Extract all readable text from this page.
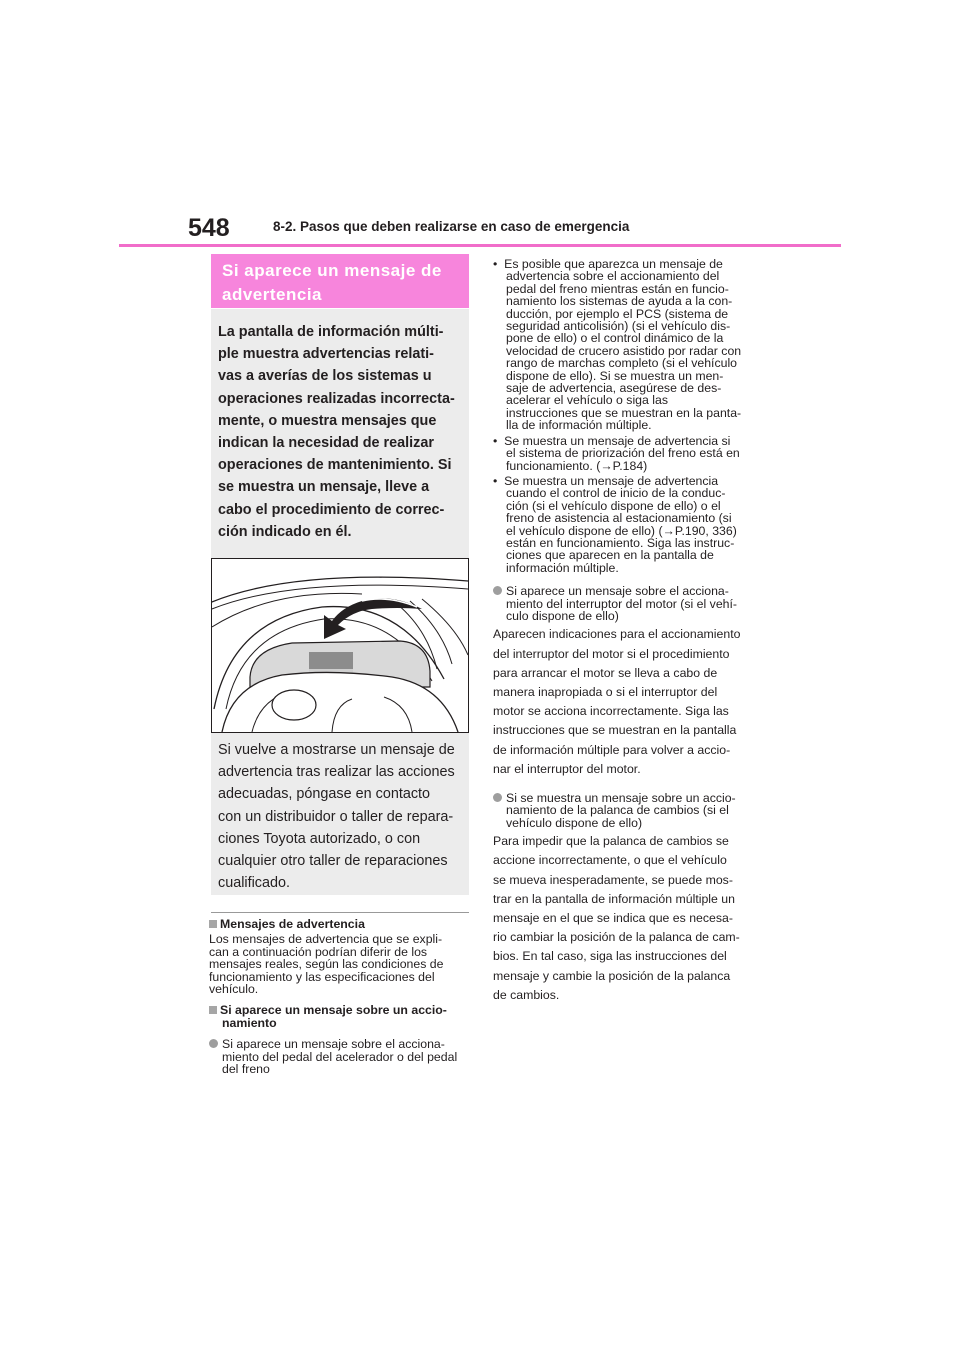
548	8-2. Pasos que deben realizarse en caso de emergencia
Si aparece un mensaje de
advertencia
La pantalla de información múlti-
ple muestra advertencias relati-
vas a averías de los sistemas u
operaciones realizadas incorrecta-
mente, o muestra mensajes que
indican la necesidad de realizar
operaciones de mantenimiento. Si
se muestra un mensaje, lleve a
cabo el procedimiento de correc-
ción indicado en él.
Si vuelve a mostrarse un mensaje de
advertencia tras realizar las acciones
adecuadas, póngase en contacto
con un distribuidor o taller de repara-
ciones Toyota autorizado, o con
cualquier otro taller de reparaciones
cualificado.

Mensajes de advertencia

Los mensajes de advertencia que se expli-
can a continuación podrían diferir de los
mensajes reales, según las condiciones de
funcionamiento y las especificaciones del
vehículo.
Si aparece un mensaje sobre un accio-
namiento
Si aparece un mensaje sobre el acciona-
miento del pedal del acelerador o del pedal
del freno
•  Es posible que aparezca un mensaje de
advertencia sobre el accionamiento del
pedal del freno mientras están en funcio-
namiento los sistemas de ayuda a la con-
ducción, por ejemplo el PCS (sistema de
seguridad anticolisión) (si el vehículo dis-
pone de ello) o el control dinámico de la
velocidad de crucero asistido por radar con
rango de marchas completo (si el vehículo
dispone de ello). Si se muestra un men-
saje de advertencia, asegúrese de des-
acelerar el vehículo o siga las
instrucciones que se muestran en la panta-
lla de información múltiple.
•  Se muestra un mensaje de advertencia si
el sistema de priorización del freno está en
funcionamiento. (→P.184)
•  Se muestra un mensaje de advertencia
cuando el control de inicio de la conduc-
ción (si el vehículo dispone de ello) o el
freno de asistencia al estacionamiento (si
el vehículo dispone de ello) (→P.190, 336)
están en funcionamiento. Siga las instruc-
ciones que aparecen en la pantalla de
información múltiple.
Si aparece un mensaje sobre el acciona-
miento del interruptor del motor (si el vehí-
culo dispone de ello)
Aparecen indicaciones para el accionamiento
del interruptor del motor si el procedimiento
para arrancar el motor se lleva a cabo de
manera inapropiada o si el interruptor del
motor se acciona incorrectamente. Siga las
instrucciones que se muestran en la pantalla
de información múltiple para volver a accio-
nar el interruptor del motor.
Si se muestra un mensaje sobre un accio-
namiento de la palanca de cambios (si el
vehículo dispone de ello)
Para impedir que la palanca de cambios se
accione incorrectamente, o que el vehículo
se mueva inesperadamente, se puede mos-
trar en la pantalla de información múltiple un
mensaje en el que se indica que es necesa-
rio cambiar la posición de la palanca de cam-
bios. En tal caso, siga las instrucciones del
mensaje y cambie la posición de la palanca
de cambios.
